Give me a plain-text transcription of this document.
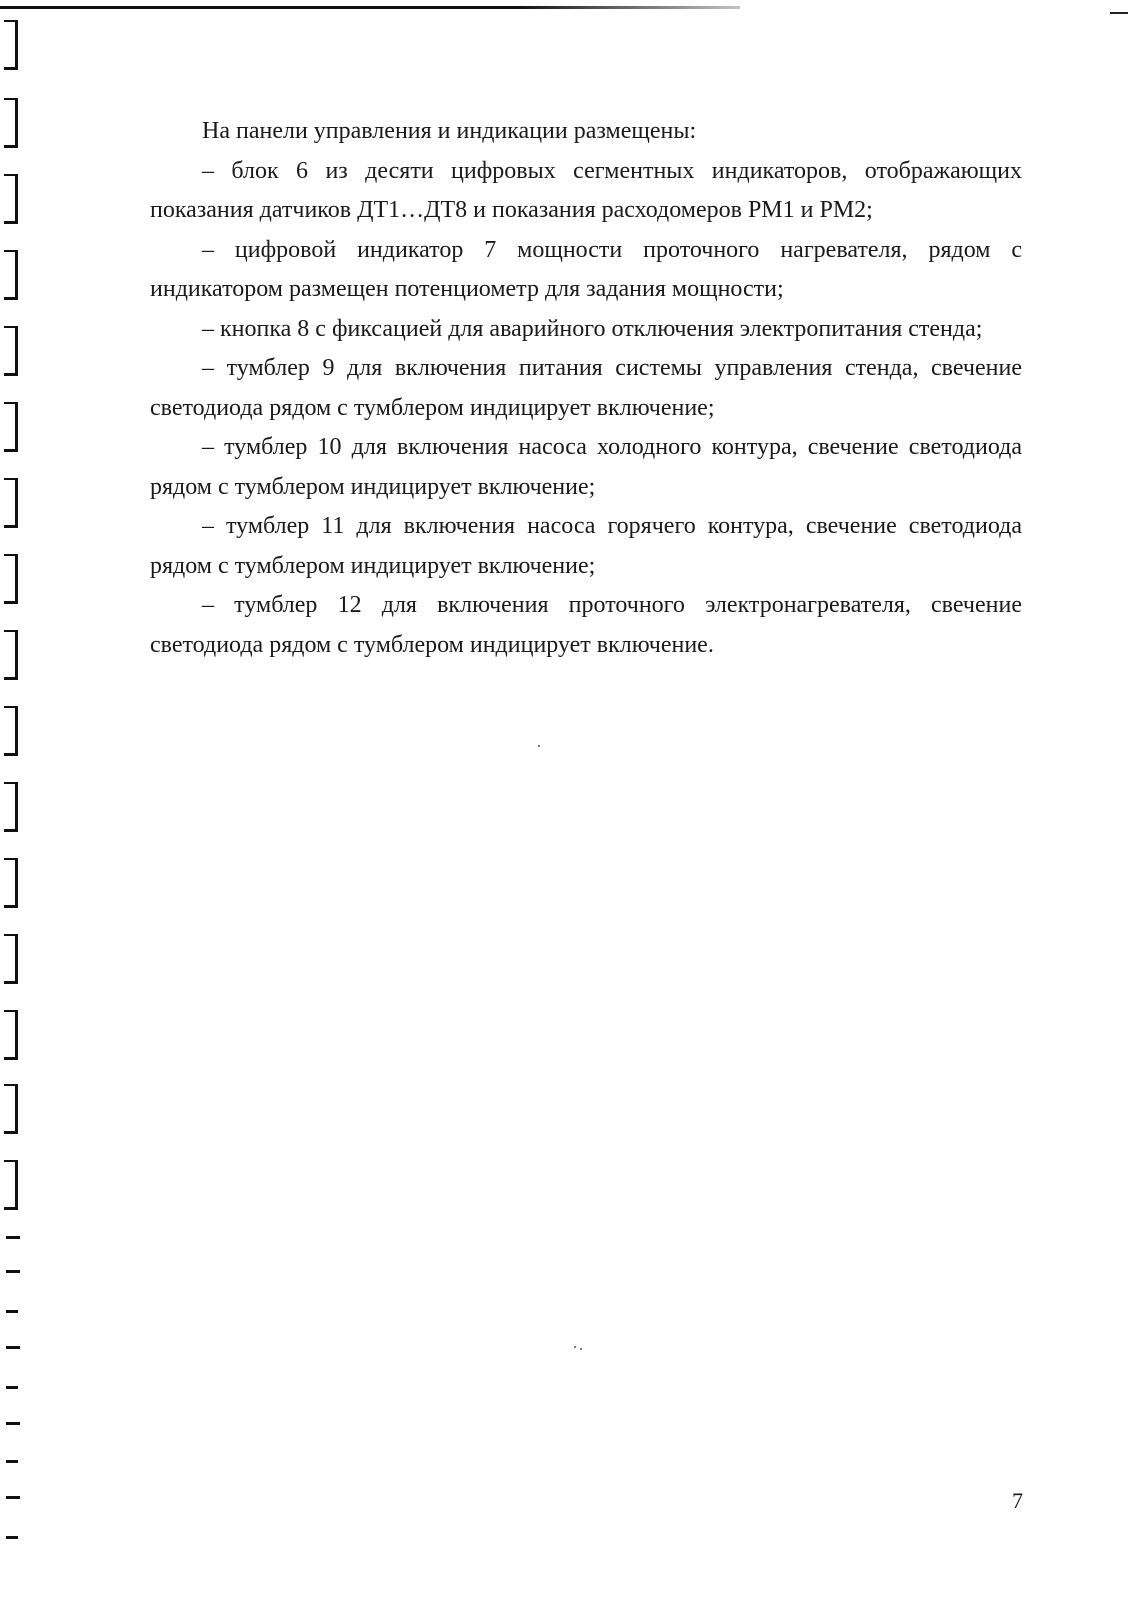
На панели управления и индикации размещены:

– блок 6 из десяти цифровых сегментных индикаторов, отображающих показания датчиков ДТ1…ДТ8 и показания расходомеров РМ1 и РМ2;

– цифровой индикатор 7 мощности проточного нагревателя, рядом с индикатором размещен потенциометр для задания мощности;

– кнопка 8 с фиксацией для аварийного отключения электропитания стенда;

– тумблер 9 для включения питания системы управления стенда, свечение светодиода рядом с тумблером индицирует включение;

– тумблер 10 для включения насоса холодного контура, свечение светодиода рядом с тумблером индицирует включение;

– тумблер 11 для включения насоса горячего контура, свечение светодиода рядом с тумблером индицирует включение;

– тумблер 12 для включения проточного электронагревателя, свечение светодиода рядом с тумблером индицирует включение.

7
